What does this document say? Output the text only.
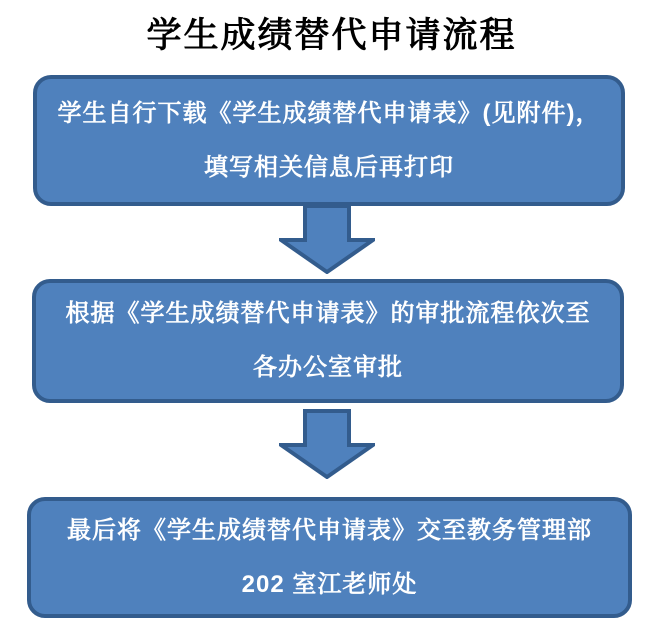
学生成绩替代申请流程
学生自行下载《学生成绩替代申请表》(见附件)，
填写相关信息后再打印
根据《学生成绩替代申请表》的审批流程依次至
各办公室审批
最后将《学生成绩替代申请表》交至教务管理部
202 室江老师处
